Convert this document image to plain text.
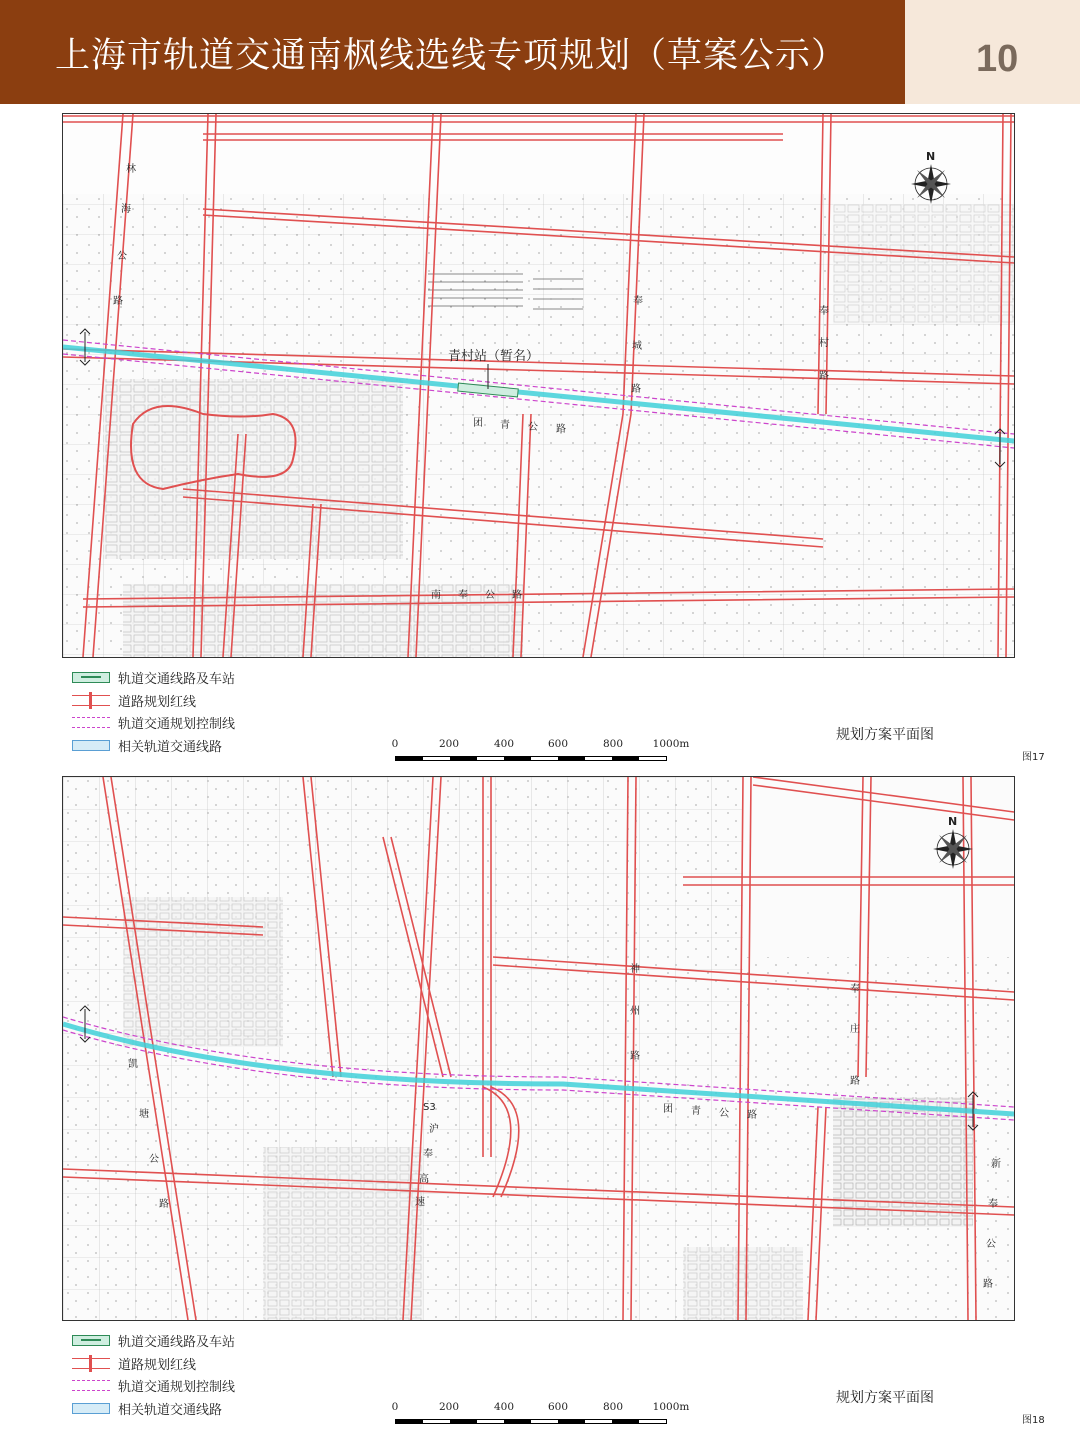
上海市轨道交通南枫线选线专项规划（草案公示）	10
青村站（暂名）
林
海
公
路	奉
城
路
奉
村
路
团 青 公 路
南 奉 公 路
N
轨道交通线路及车站
道路规划红线
轨道交通规划控制线
相关轨道交通线路	0	200	400	600	800	1000m
规划方案平面图
图17
凯
塘
公
路
S3
沪
奉
高
速
神
州
路
奉
庄
路
团 青 公 路
新
奉
公
路
N
轨道交通线路及车站
道路规划红线
轨道交通规划控制线
相关轨道交通线路	0	200	400	600	800	1000m
规划方案平面图
图18
